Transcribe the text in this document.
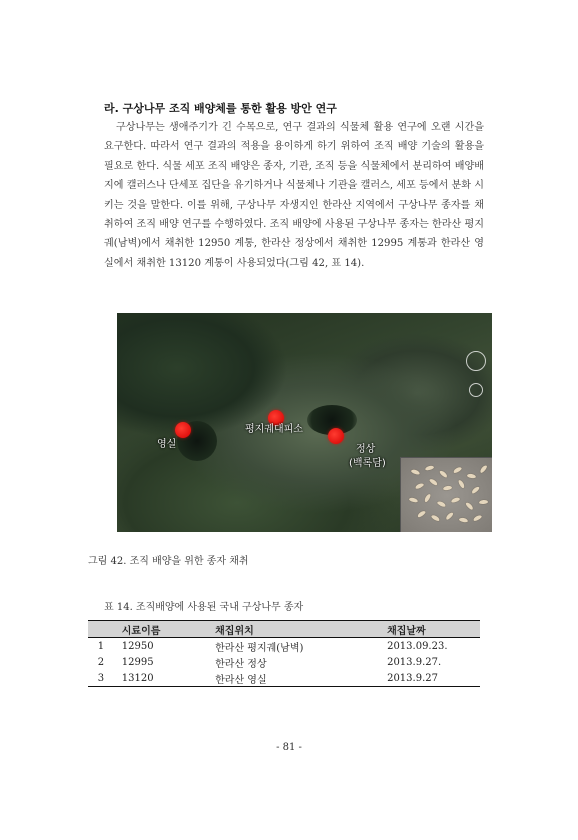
라. 구상나무 조직 배양체를 통한 활용 방안 연구

구상나무는 생애주기가 긴 수목으로, 연구 결과의 식물체 활용 연구에 오랜 시간을 요구한다. 따라서 연구 결과의 적용을 용이하게 하기 위하여 조직 배양 기술의 활용을 필요로 한다. 식물 세포 조직 배양은 종자, 기관, 조직 등을 식물체에서 분리하여 배양배지에 캘러스나 단세포 집단을 유기하거나 식물체나 기관을 캘러스, 세포 등에서 분화 시키는 것을 말한다. 이를 위해, 구상나무 자생지인 한라산 지역에서 구상나무 종자를 채취하여 조직 배양 연구를 수행하였다. 조직 배양에 사용된 구상나무 종자는 한라산 평지궤(남벽)에서 채취한 12950 계통, 한라산 정상에서 채취한 12995 계통과 한라산 영실에서 채취한 13120 계통이 사용되었다(그림 42, 표 14).

영실
평지궤대피소
정상
(백록담)
그림 42. 조직 배양을 위한 종자 채취
표 14. 조직배양에 사용된 국내 구상나무 종자
	시료이름	채집위치	채집날짜
1	12950	한라산 평지궤(남벽)	2013.09.23.
2	12995	한라산 정상	2013.9.27.
3	13120	한라산 영실	2013.9.27
- 81 -
